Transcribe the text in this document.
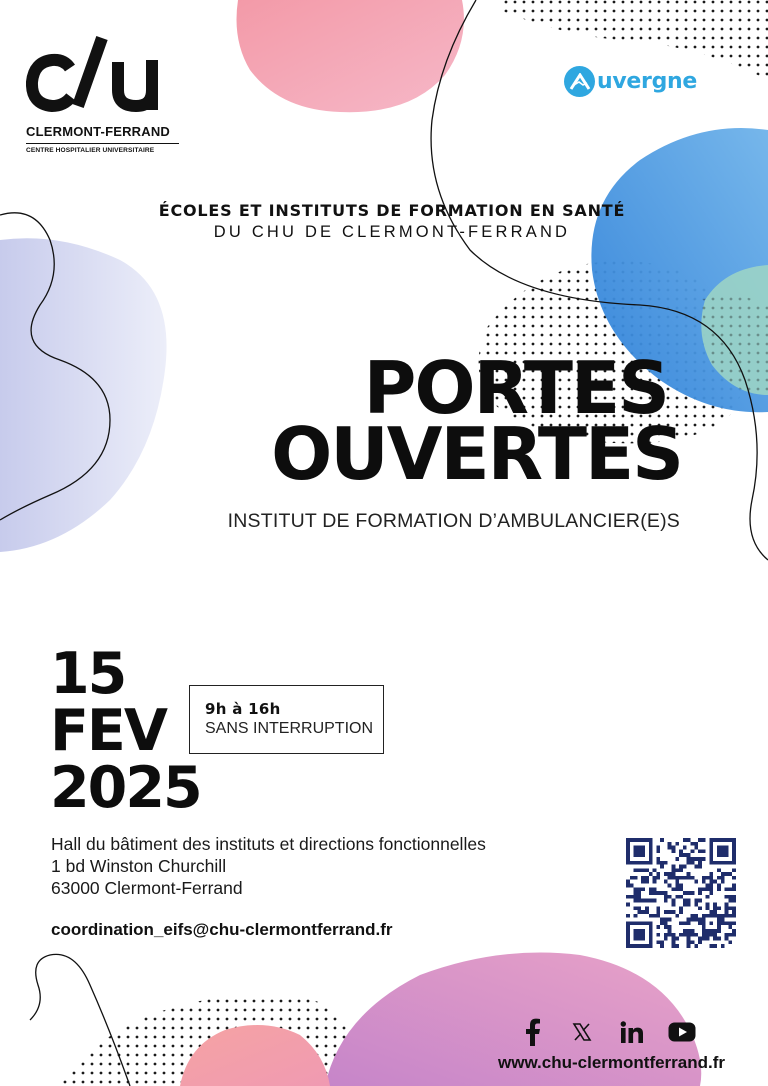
CLERMONT-FERRAND
CENTRE HOSPITALIER UNIVERSITAIRE
uvergne
ÉCOLES ET INSTITUTS DE FORMATION EN SANTÉ
DU CHU DE CLERMONT-FERRAND
PORTES
OUVERTES
INSTITUT DE FORMATION D’AMBULANCIER(E)S
15
FEV
2025
9h à 16h
SANS INTERRUPTION
Hall du bâtiment des instituts et directions fonctionnelles
1 bd Winston Churchill
63000 Clermont-Ferrand
coordination_eifs@chu-clermontferrand.fr
www.chu-clermontferrand.fr
